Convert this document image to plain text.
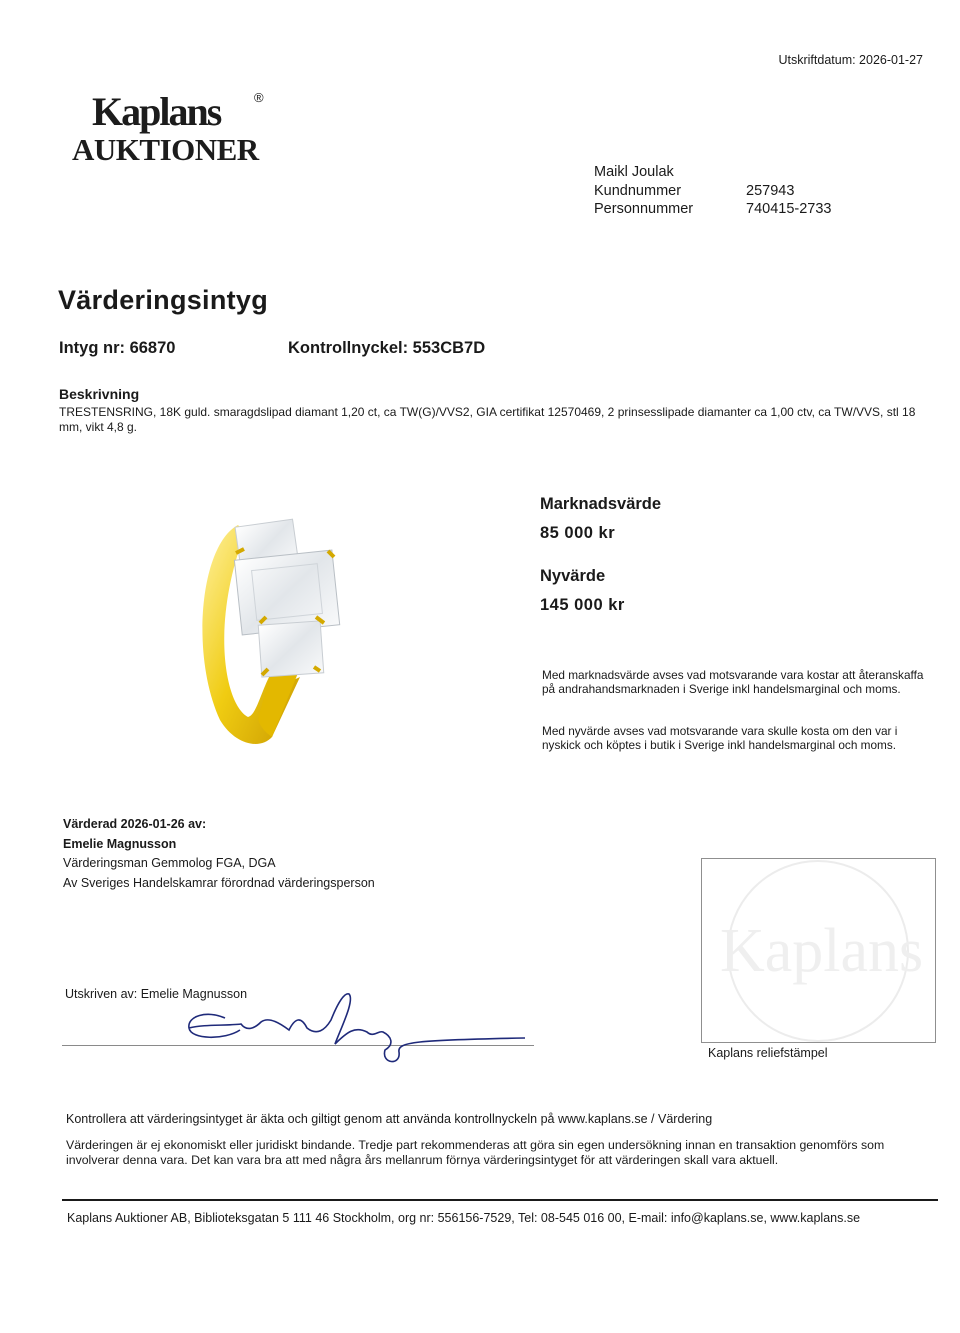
Utskriftdatum: 2026-01-27
Kaplans	®
AUKTIONER
Maikl Joulak
Kundnummer	257943
Personnummer	740415-2733
Värderingsintyg
Intyg nr: 66870	Kontrollnyckel: 553CB7D
Beskrivning
TRESTENSRING, 18K guld. smaragdslipad diamant 1,20 ct, ca TW(G)/VVS2, GIA certifikat 12570469, 2 prinsesslipade diamanter ca 1,00 ctv, ca TW/VVS, stl 18 mm, vikt 4,8 g.
Marknadsvärde
85 000 kr
Nyvärde
145 000 kr
Med marknadsvärde avses vad motsvarande vara kostar att återanskaffa på andrahandsmarknaden i Sverige inkl handelsmarginal och moms.
Med nyvärde avses vad motsvarande vara skulle kosta om den var i nyskick och köptes i butik i Sverige inkl handelsmarginal och moms.
Värderad 2026-01-26 av:
Emelie Magnusson
Värderingsman Gemmolog FGA, DGA
Av Sveriges Handelskamrar förordnad värderingsperson
Utskriven av: Emelie Magnusson
Kaplans
Kaplans reliefstämpel
Kontrollera att värderingsintyget är äkta och giltigt genom att använda kontrollnyckeln på www.kaplans.se / Värdering
Värderingen är ej ekonomiskt eller juridiskt bindande. Tredje part rekommenderas att göra sin egen undersökning innan en transaktion genomförs som involverar denna vara. Det kan vara bra att med några års mellanrum förnya värderingsintyget för att värderingen skall vara aktuell.
Kaplans Auktioner AB, Biblioteksgatan 5 111 46 Stockholm, org nr: 556156-7529, Tel: 08-545 016 00, E-mail: info@kaplans.se, www.kaplans.se
